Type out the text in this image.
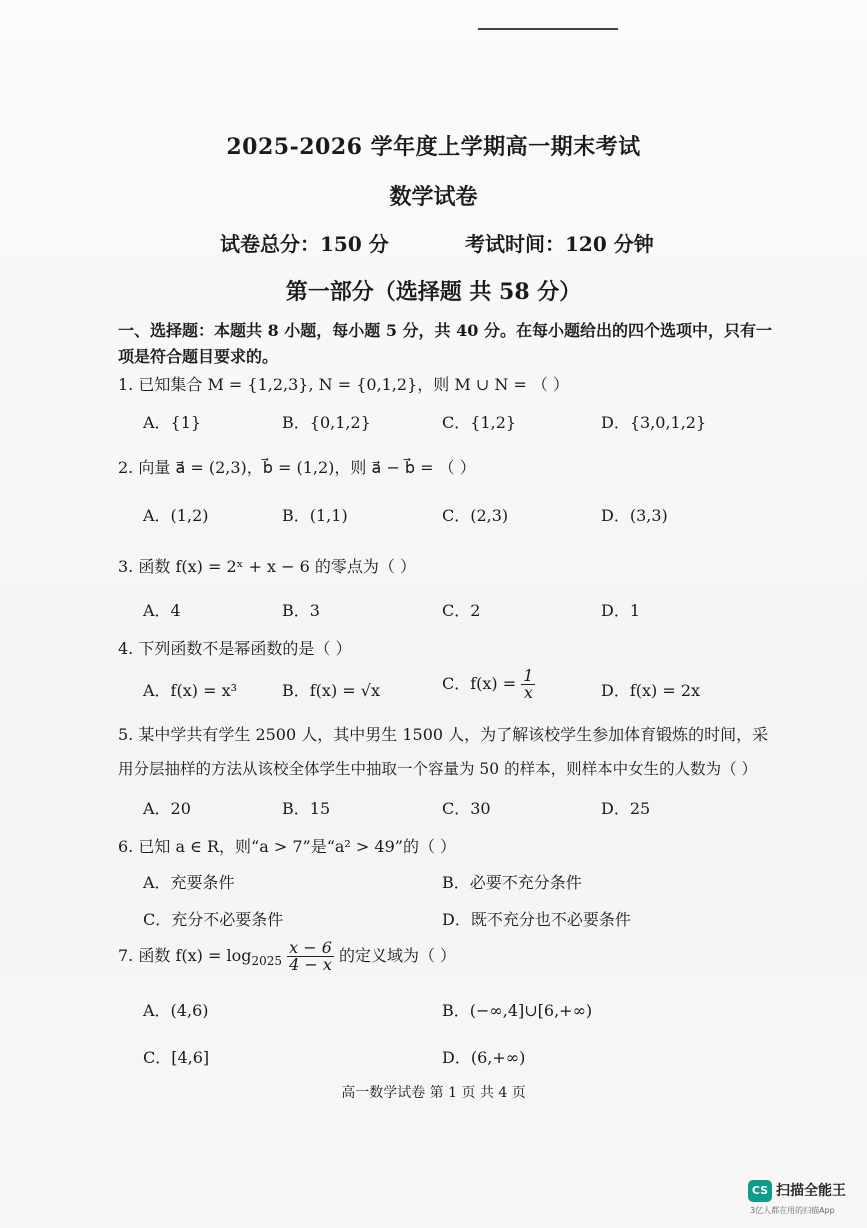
2025-2026 学年度上学期高一期末考试
数学试卷
试卷总分：150 分	考试时间：120 分钟
第一部分（选择题 共 58 分）
一、选择题：本题共 8 小题，每小题 5 分，共 40 分。在每小题给出的四个选项中，只有一
项是符合题目要求的。
1. 已知集合 M = {1,2,3}, N = {0,1,2}，则 M ∪ N = （ ）
A．{1}	B．{0,1,2}	C．{1,2}	D．{3,0,1,2}
2. 向量 a⃗ = (2,3)，b⃗ = (1,2)，则 a⃗ − b⃗ = （ ）
A．(1,2)	B．(1,1)	C．(2,3)	D．(3,3)
3. 函数 f(x) = 2ˣ + x − 6 的零点为（ ）
A．4	B．3	C．2	D．1
4. 下列函数不是幂函数的是（ ）
A．f(x) = x³	B．f(x) = √x	C．$f(x) = \frac{1}{x}$	D．f(x) = 2x
5. 某中学共有学生 2500 人，其中男生 1500 人，为了解该校学生参加体育锻炼的时间，采
用分层抽样的方法从该校全体学生中抽取一个容量为 50 的样本，则样本中女生的人数为（ ）
A．20	B．15	C．30	D．25
6. 已知 a ∈ R，则“a > 7”是“a² > 49”的（ ）
A．充要条件	B．必要不充分条件
C．充分不必要条件	D．既不充分也不必要条件
7. 函数 $f(x) = \log_{2025} \frac{x - 6}{4 - x}$ 的定义域为（ ）
A．(4,6)	B．(−∞,4]∪[6,+∞)
C．[4,6]	D．(6,+∞)
高一数学试卷 第 1 页 共 4 页
CS 扫描全能王
3亿人都在用的扫描App
